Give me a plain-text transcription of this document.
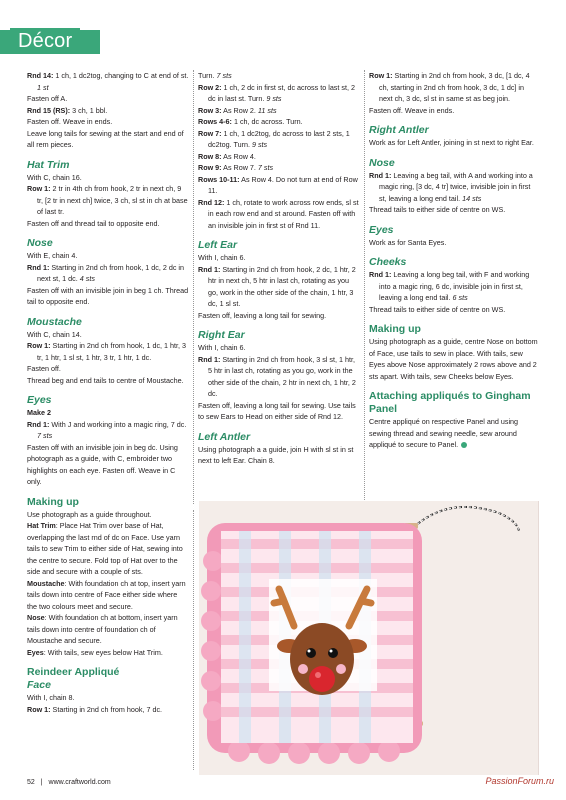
Décor

Rnd 14: 1 ch, 1 dc2tog, changing to C at end of st. 1 st

Fasten off A.

Rnd 15 (RS): 3 ch, 1 bbl.

Fasten off. Weave in ends.

Leave long tails for sewing at the start and end of all rem pieces.

Hat Trim

With C, chain 16.

Row 1: 2 tr in 4th ch from hook, 2 tr in next ch, 9 tr, [2 tr in next ch] twice, 3 ch, sl st in ch at base of last tr.

Fasten off and thread tail to opposite end.

Nose

With E, chain 4.

Rnd 1: Starting in 2nd ch from hook, 1 dc, 2 dc in next st, 1 dc. 4 sts

Fasten off with an invisible join in beg 1 ch. Thread tail to opposite end.

Moustache

With C, chain 14.

Row 1: Starting in 2nd ch from hook, 1 dc, 1 htr, 3 tr, 1 htr, 1 sl st, 1 htr, 3 tr, 1 htr, 1 dc.

Fasten off.

Thread beg and end tails to centre of Moustache.

Eyes

Make 2

Rnd 1: With J and working into a magic ring, 7 dc. 7 sts

Fasten off with an invisible join in beg dc. Using photograph as a guide, with C, embroider two highlights on each eye. Fasten off. Weave in C only.

Making up

Use photograph as a guide throughout.

Hat Trim: Place Hat Trim over base of Hat, overlapping the last rnd of dc on Face. Use yarn tails to sew Trim to either side of Hat, sewing into the centre to secure. Fold top of Hat over to the side and secure with a couple of sts.

Moustache: With foundation ch at top, insert yarn tails down into centre of Face either side where the two colours meet and secure.

Nose: With foundation ch at bottom, insert yarn tails down into centre of foundation ch of Moustache and secure.

Eyes: With tails, sew eyes below Hat Trim.

Reindeer Appliqué

Face

With I, chain 8.

Row 1: Starting in 2nd ch from hook, 7 dc.

Turn. 7 sts

Row 2: 1 ch, 2 dc in first st, dc across to last st, 2 dc in last st. Turn. 9 sts

Row 3: As Row 2. 11 sts

Rows 4-6: 1 ch, dc across. Turn.

Row 7: 1 ch, 1 dc2tog, dc across to last 2 sts, 1 dc2tog. Turn. 9 sts

Row 8: As Row 4.

Row 9: As Row 7. 7 sts

Rows 10-11: As Row 4. Do not turn at end of Row 11.

Rnd 12: 1 ch, rotate to work across row ends, sl st in each row end and st around. Fasten off with an invisible join in first st of Rnd 11.

Left Ear

With I, chain 6.

Rnd 1: Starting in 2nd ch from hook, 2 dc, 1 htr, 2 htr in next ch, 5 htr in last ch, rotating as you go, work in the other side of the chain, 1 htr, 3 dc, 1 sl st.

Fasten off, leaving a long tail for sewing.

Right Ear

With I, chain 6.

Rnd 1: Starting in 2nd ch from hook, 3 sl st, 1 htr, 5 htr in last ch, rotating as you go, work in the other side of the chain, 2 htr in next ch, 1 htr, 2 dc.

Fasten off, leaving a long tail for sewing. Use tails to sew Ears to Head on either side of Rnd 12.

Left Antler

Using photograph a a guide, join H with sl st in st next to left Ear. Chain 8.

Row 1: Starting in 2nd ch from hook, 3 dc, [1 dc, 4 ch, starting in 2nd ch from hook, 3 dc, 1 dc] in next ch, 3 dc, sl st in same st as beg join.

Fasten off. Weave in ends.

Right Antler

Work as for Left Antler, joining in st next to right Ear.

Nose

Rnd 1: Leaving a beg tail, with A and working into a magic ring, [3 dc, 4 tr] twice, invisible join in first st, leaving a long end tail. 14 sts

Thread tails to either side of centre on WS.

Eyes

Work as for Santa Eyes.

Cheeks

Rnd 1: Leaving a long beg tail, with F and working into a magic ring, 6 dc, invisible join in first st, leaving a long end tail. 6 sts

Thread tails to either side of centre on WS.

Making up

Using photograph as a guide, centre Nose on bottom of Face, use tails to sew in place. With tails, sew Eyes above Nose approximately 2 rows above and 2 sts apart. With tails, sew Cheeks below Eyes.

Attaching appliqués to Gingham Panel

Centre appliqué on respective Panel and using sewing thread and sewing needle, sew around appliqué to secure to Panel.

52 | www.craftworld.com	PassionForum.ru
